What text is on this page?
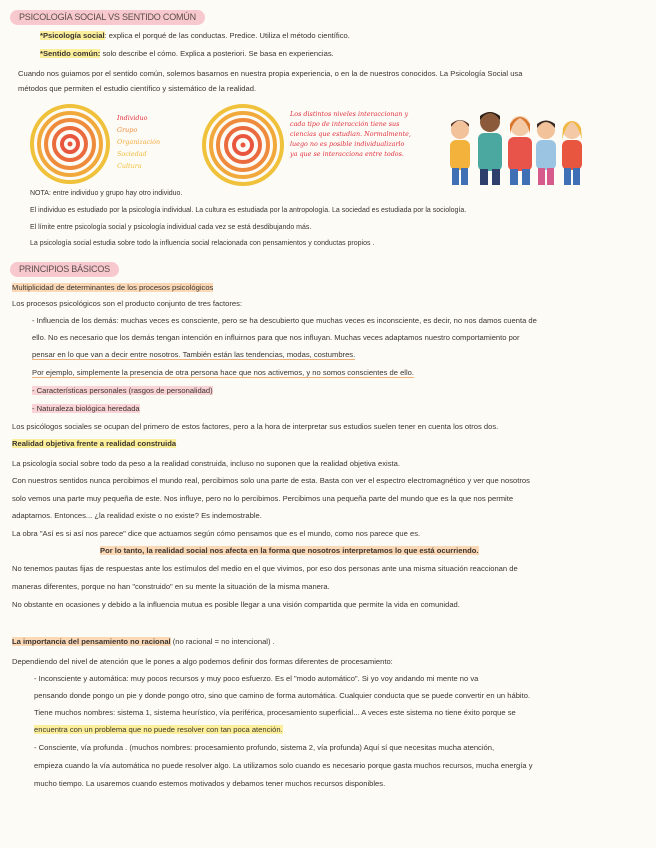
PSICOLOGÍA SOCIAL VS SENTIDO COMÚN
*Psicología social: explica el porqué de las conductas. Predice. Utiliza el método científico.
*Sentido común: solo describe el cómo. Explica a posteriori. Se basa en experiencias.
Cuando nos guiamos por el sentido común, solemos basarnos en nuestra propia experiencia, o en la de nuestros conocidos. La Psicología Social usa
métodos que permiten el estudio científico y sistemático de la realidad.
Individuo
Grupo
Organización
Sociedad
Cultura
Los distintos niveles interaccionan y
cada tipo de interacción tiene sus
ciencias que estudian. Normalmente,
luego no es posible individualizarlo
ya que se interacciona entre todos.
NOTA: entre individuo y grupo hay otro individuo.
El individuo es estudiado por la psicología individual. La cultura es estudiada por la antropología. La sociedad es estudiada por la sociología.
El límite entre psicología social y psicología individual cada vez se está desdibujando más.
La psicología social estudia sobre todo la influencia social relacionada con pensamientos y conductas propios .
PRINCIPIOS BÁSICOS
Multiplicidad de determinantes de los procesos psicológicos
Los procesos psicológicos son el producto conjunto de tres factores:
- Influencia de los demás: muchas veces es consciente, pero se ha descubierto que muchas veces es inconsciente, es decir, no nos damos cuenta de
ello. No es necesario que los demás tengan intención en influirnos para que nos influyan. Muchas veces adaptamos nuestro comportamiento por
pensar en lo que van a decir entre nosotros. También están las tendencias, modas, costumbres.
Por ejemplo, simplemente la presencia de otra persona hace que nos activemos, y no somos conscientes de ello.
- Características personales (rasgos de personalidad)
- Naturaleza biológica heredada
Los psicólogos sociales se ocupan del primero de estos factores, pero a la hora de interpretar sus estudios suelen tener en cuenta los otros dos.
Realidad objetiva frente a realidad construida
La psicología social sobre todo da peso a la realidad construida, incluso no suponen que la realidad objetiva exista.
Con nuestros sentidos nunca percibimos el mundo real, percibimos solo una parte de esta. Basta con ver el espectro electromagnético y ver que nosotros
solo vemos una parte muy pequeña de este. Nos influye, pero no lo percibimos. Percibimos una pequeña parte del mundo que es la que nos permite
adaptarnos. Entonces... ¿la realidad existe o no existe? Es indemostrable.
La obra "Así es si así nos parece" dice que actuamos según cómo pensamos que es el mundo, como nos parece que es.
Por lo tanto, la realidad social nos afecta en la forma que nosotros interpretamos lo que está ocurriendo.
No tenemos pautas fijas de respuestas ante los estímulos del medio en el que vivimos, por eso dos personas ante una misma situación reaccionan de
maneras diferentes, porque no han "construido" en su mente la situación de la misma manera.
No obstante en ocasiones y debido a la influencia mutua es posible llegar a una visión compartida que permite la vida en comunidad.
La importancia del pensamiento no racional (no racional = no intencional) .
Dependiendo del nivel de atención que le pones a algo podemos definir dos formas diferentes de procesamiento:
- Inconsciente y automática: muy pocos recursos y muy poco esfuerzo. Es el "modo automático". Si yo voy andando mi mente no va
pensando donde pongo un pie y donde pongo otro, sino que camino de forma automática. Cualquier conducta que se puede convertir en un hábito.
Tiene muchos nombres: sistema 1, sistema heurístico, vía periférica, procesamiento superficial... A veces este sistema no tiene éxito porque se
encuentra con un problema que no puede resolver con tan poca atención.
- Consciente, vía profunda . (muchos nombres: procesamiento profundo, sistema 2, vía profunda) Aquí sí que necesitas mucha atención,
empieza cuando la vía automática no puede resolver algo. La utilizamos solo cuando es necesario porque gasta muchos recursos, mucha energía y
mucho tiempo. La usaremos cuando estemos motivados y debamos tener muchos recursos disponibles.
